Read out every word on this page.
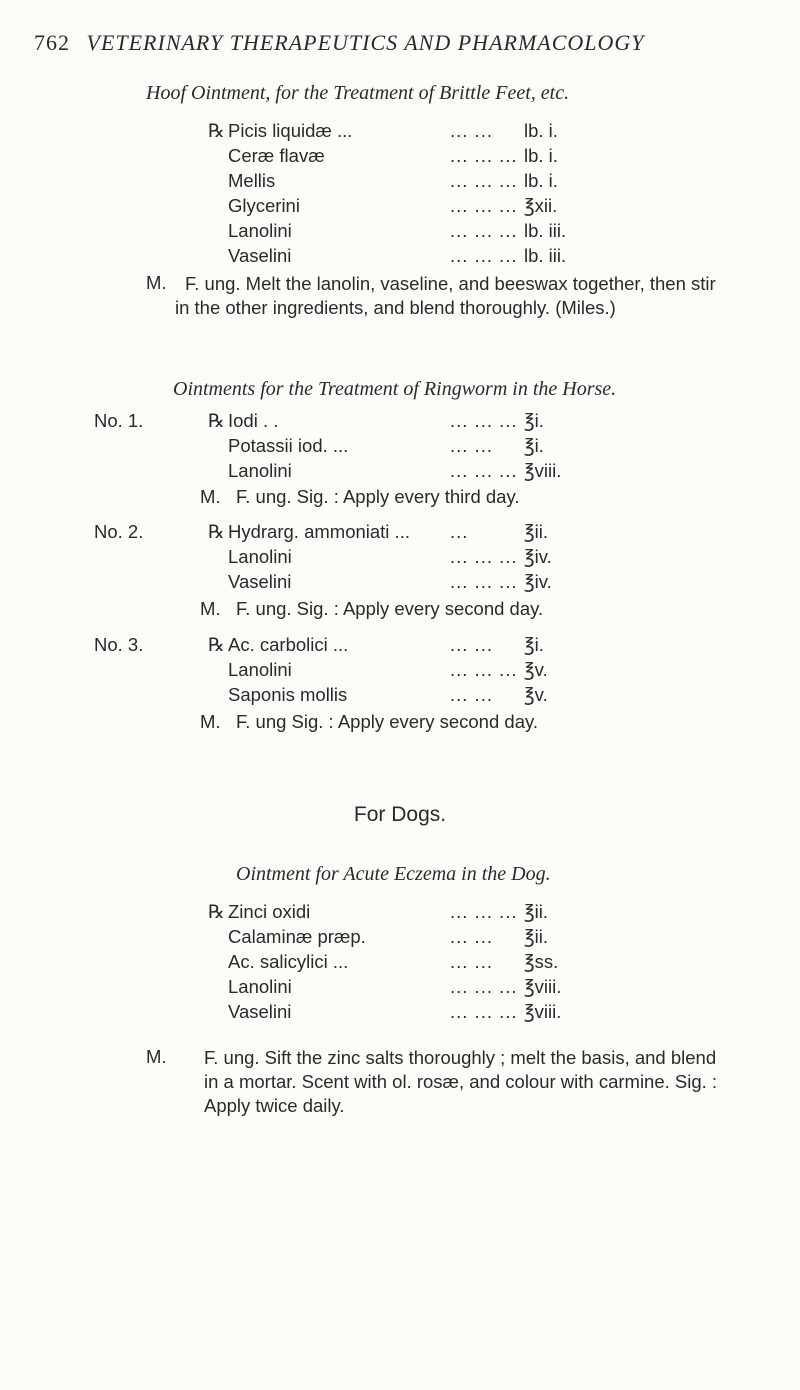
762 VETERINARY THERAPEUTICS AND PHARMACOLOGY
Hoof Ointment, for the Treatment of Brittle Feet, etc.
℞ Picis liquidæ ...	... ...	lb. i.
Ceræ flavæ	... ... ... lb. i.
Mellis	... ... ... lb. i.
Glycerini	... ... ... ℥xii.
Lanolini	... ... ... lb. iii.
Vaselini	... ... ... lb. iii.
M. F. ung. Melt the lanolin, vaseline, and beeswax together, then stir in the other ingredients, and blend thoroughly. (Miles.)
Ointments for the Treatment of Ringworm in the Horse.
No. 1.	℞ Iodi . .	... ... ... ℥i.
Potassii iod. ...	... ...	℥i.
Lanolini	... ... ... ℥viii.
M. F. ung. Sig. : Apply every third day.
No. 2.	℞ Hydrarg. ammoniati ...	...	℥ii.
Lanolini	... ... ... ℥iv.
Vaselini	... ... ... ℥iv.
M. F. ung. Sig. : Apply every second day.
No. 3.	℞ Ac. carbolici ...	... ...	℥i.
Lanolini	... ... ... ℥v.
Saponis mollis	... ...	℥v.
M. F. ung Sig. : Apply every second day.
For Dogs.
Ointment for Acute Eczema in the Dog.
℞ Zinci oxidi	... ... ... ℥ii.
Calaminæ præp.	... ...	℥ii.
Ac. salicylici ...	... ...	℥ss.
Lanolini	... ... ... ℥viii.
Vaselini	... ... ... ℥viii.
M. F. ung. Sift the zinc salts thoroughly ; melt the basis, and blend in a mortar. Scent with ol. rosæ, and colour with carmine. Sig. : Apply twice daily.
